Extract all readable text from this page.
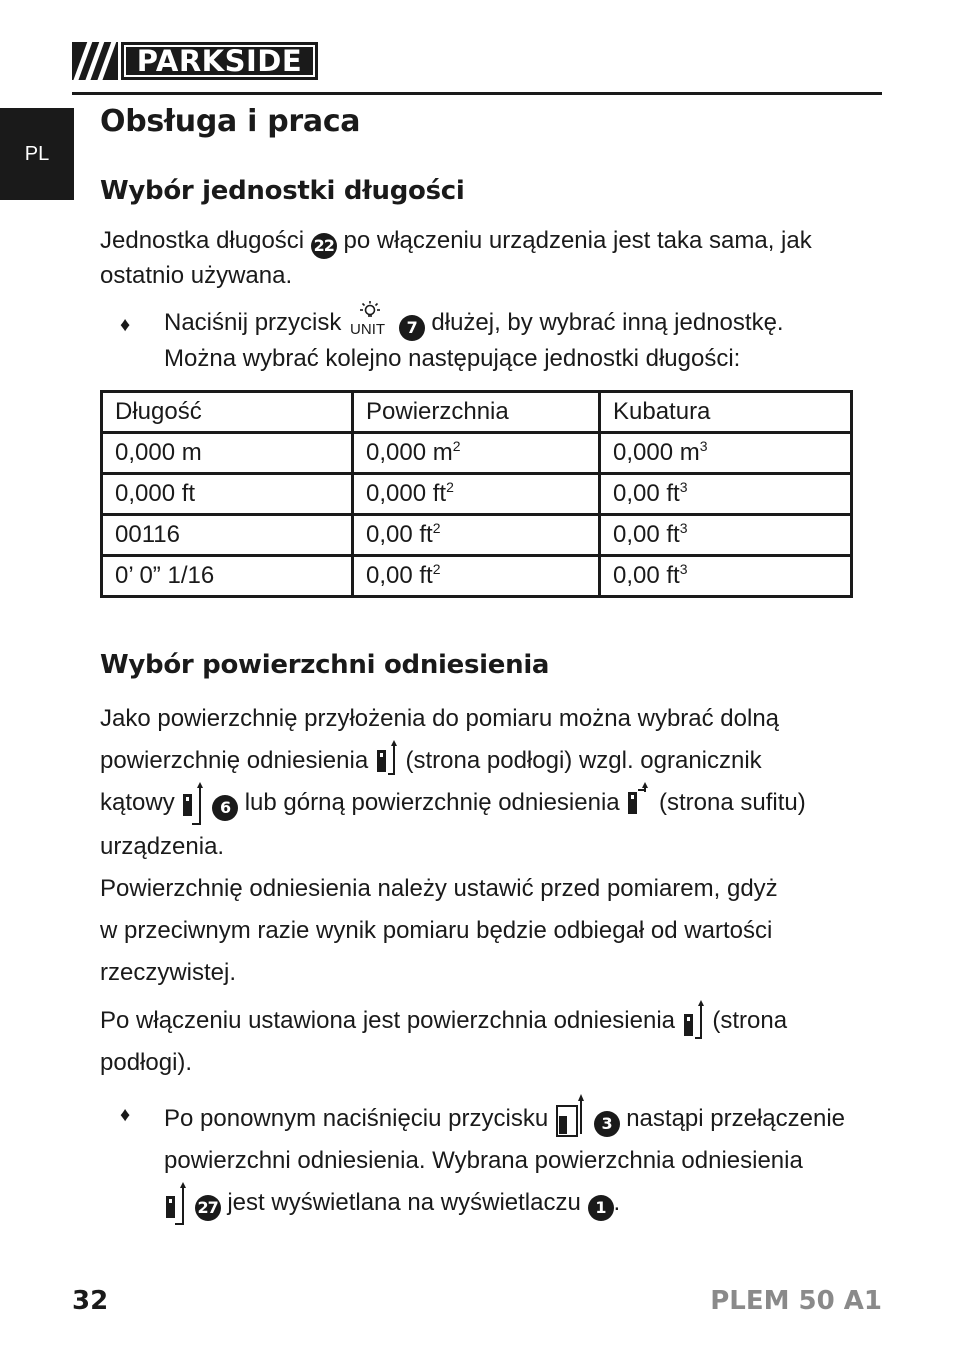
PARKSIDE
PL
Obsługa i praca
Wybór jednostki długości
Jednostka długości 22 po włączeniu urządzenia jest taka sama, jak
ostatnio używana.
♦ Naciśnij przycisk UNIT 7 dłużej, by wybrać inną jednostkę.
Można wybrać kolejno następujące jednostki długości:
Długość	Powierzchnia	Kubatura
0,000 m	0,000 $m^2$	0,000 $m^3$
0,000 ft	0,000 $ft^2$	0,00 $ft^3$
00116	0,00 $ft^2$	0,00 $ft^3$
0’ 0” 1/16	0,00 $ft^2$	0,00 $ft^3$
Wybór powierzchni odniesienia
Jako powierzchnię przyłożenia do pomiaru można wybrać dolną
powierzchnię odniesienia (strona podłogi) wzgl. ogranicznik
kątowy	6 lub górną powierzchnię odniesienia (strona sufitu)
urządzenia.
Powierzchnię odniesienia należy ustawić przed pomiarem, gdyż
w przeciwnym razie wynik pomiaru będzie odbiegał od wartości
rzeczywistej.
Po włączeniu ustawiona jest powierzchnia odniesienia (strona
podłogi).
♦ Po ponownym naciśnięciu przycisku	3 nastąpi przełączenie
powierzchni odniesienia. Wybrana powierzchnia odniesienia
27 jest wyświetlana na wyświetlaczu 1 .
32	PLEM 50 A1
